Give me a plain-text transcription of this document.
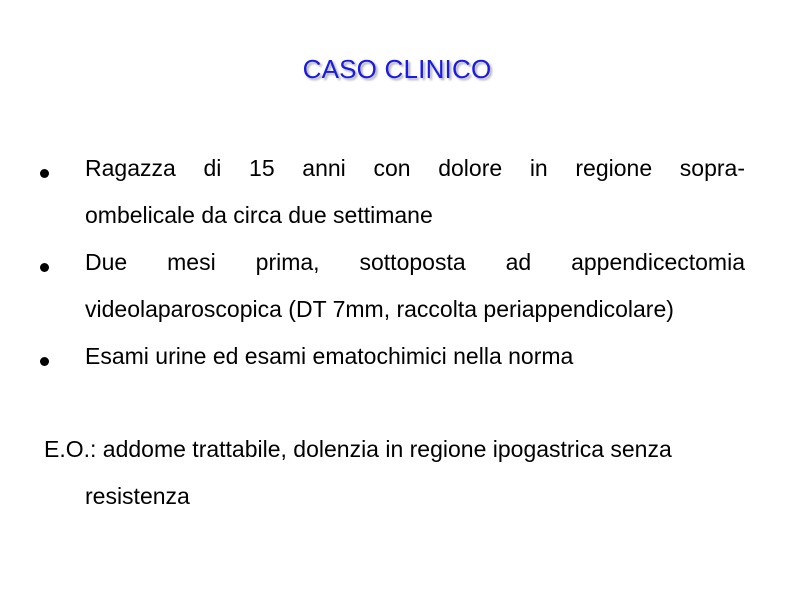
CASO CLINICO
Ragazza di 15 anni con dolore in regione sopra-
ombelicale da circa due settimane
Due mesi prima, sottoposta ad appendicectomia
videolaparoscopica (DT 7mm, raccolta periappendicolare)
Esami urine ed esami ematochimici nella norma
E.O.: addome trattabile, dolenzia in regione ipogastrica senza
resistenza
